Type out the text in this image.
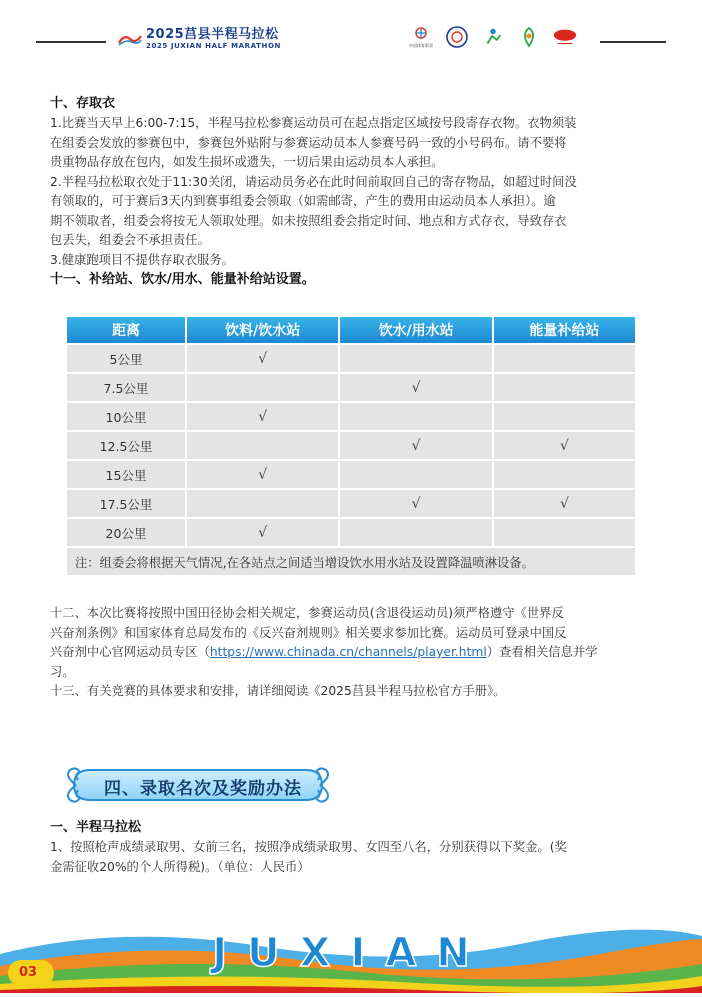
2025莒县半程马拉松
2025 JUXIAN HALF MARATHON	中国体育彩票
十、存取衣

1.比赛当天早上6:00-7:15，半程马拉松参赛运动员可在起点指定区域按号段寄存衣物。衣物须装

在组委会发放的参赛包中，参赛包外贴附与参赛运动员本人参赛号码一致的小号码布。请不要将

贵重物品存放在包内，如发生损坏或遗失，一切后果由运动员本人承担。

2.半程马拉松取衣处于11:30关闭，请运动员务必在此时间前取回自己的寄存物品，如超过时间没

有领取的，可于赛后3天内到赛事组委会领取（如需邮寄，产生的费用由运动员本人承担）。逾

期不领取者，组委会将按无人领取处理。如未按照组委会指定时间、地点和方式存衣，导致存衣

包丢失，组委会不承担责任。

3.健康跑项目不提供存取衣服务。

十一、补给站、饮水/用水、能量补给站设置。
距离	饮料/饮水站	饮水/用水站	能量补给站
5公里	√		
7.5公里		√	
10公里	√		
12.5公里		√	√
15公里	√		
17.5公里		√	√
20公里	√		
注：组委会将根据天气情况,在各站点之间适当增设饮水用水站及设置降温喷淋设备。			

十二、本次比赛将按照中国田径协会相关规定，参赛运动员(含退役运动员)须严格遵守《世界反

兴奋剂条例》和国家体育总局发布的《反兴奋剂规则》相关要求参加比赛。运动员可登录中国反

兴奋剂中心官网运动员专区（https://www.chinada.cn/channels/player.html）查看相关信息并学

习。

十三、有关竞赛的具体要求和安排，请详细阅读《2025莒县半程马拉松官方手册》。

四、录取名次及奖励办法
一、半程马拉松

1、按照枪声成绩录取男、女前三名，按照净成绩录取男、女四至八名，分别获得以下奖金。(奖

金需征收20%的个人所得税)。（单位：人民币）

JUXIAN
03
